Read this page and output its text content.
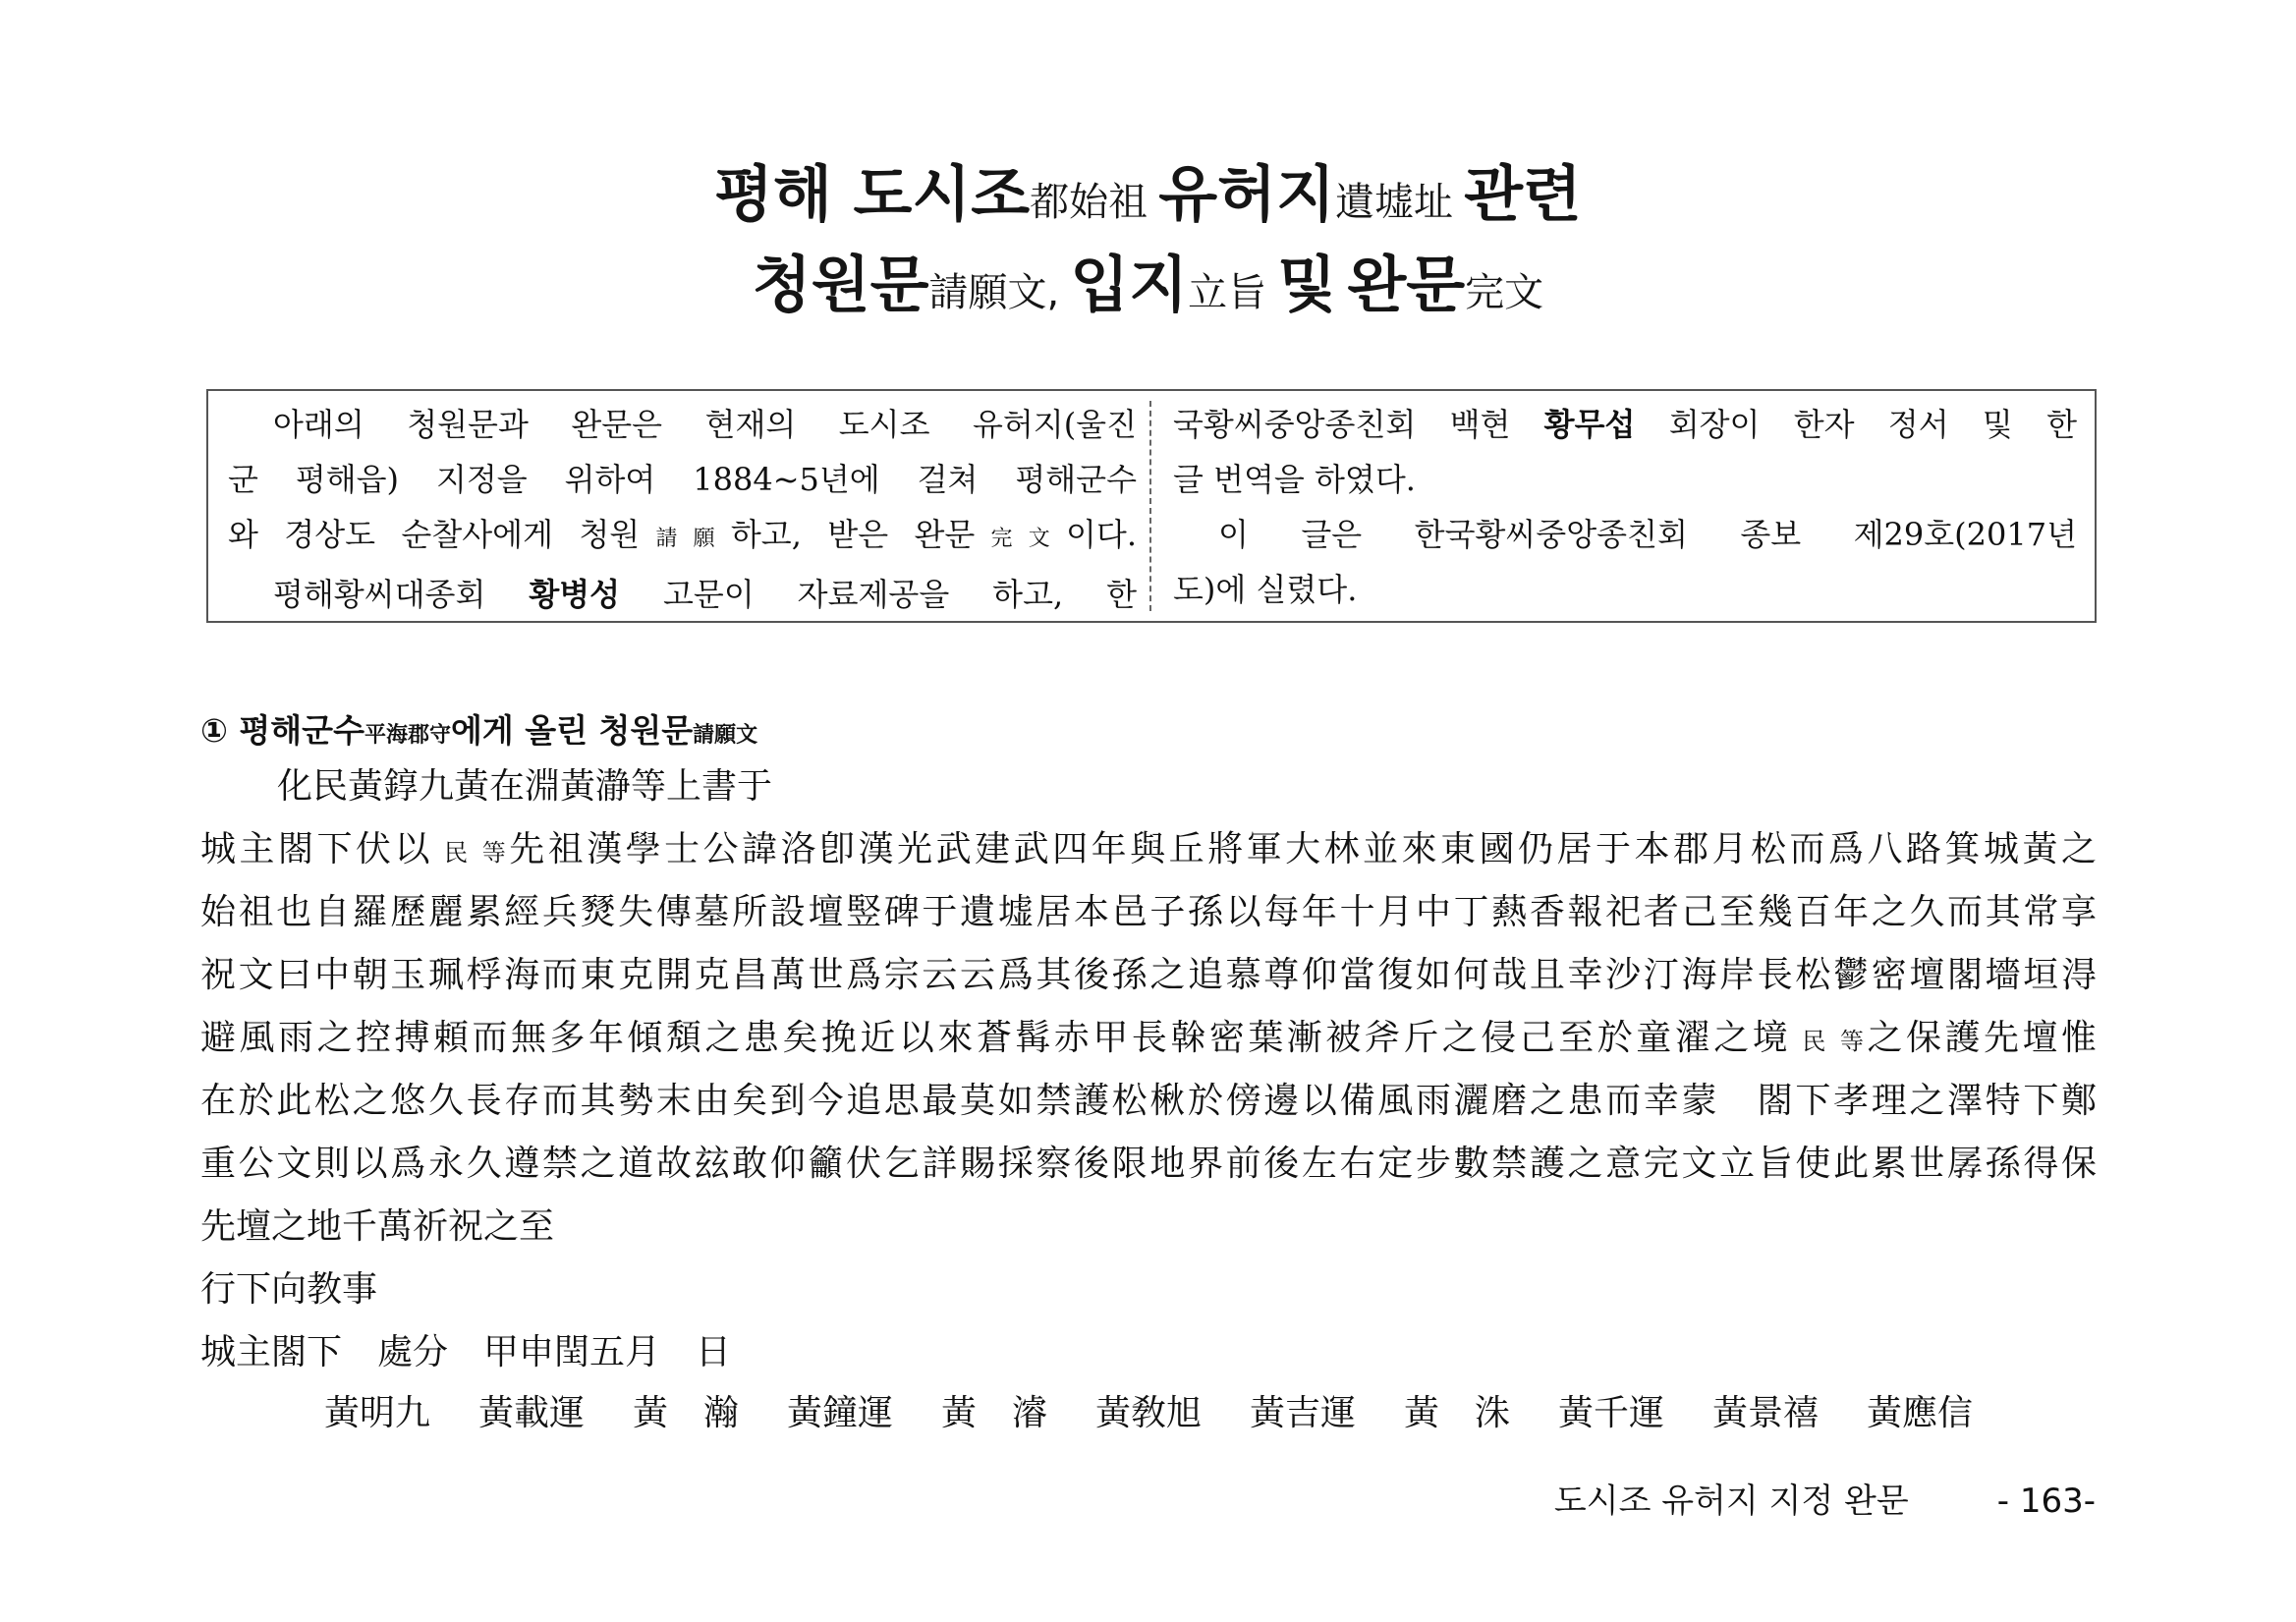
평해 도시조都始祖 유허지遺墟址 관련
청원문請願文, 입지立旨 및 완문完文
아래의 청원문과 완문은 현재의 도시조 유허지(울진
군 평해읍) 지정을 위하여 1884~5년에 걸쳐 평해군수
와 경상도 순찰사에게 청원請願하고, 받은 완문完文이다.
평해황씨대종회 황병성 고문이 자료제공을 하고, 한
국황씨중앙종친회 백현 황무섭 회장이 한자 정서 및 한
글 번역을 하였다.
이 글은 한국황씨중앙종친회 종보 제29호(2017년
도)에 실렸다.
① 평해군수平海郡守에게 올린 청원문請願文
化民黃錞九黃在淵黃瀞等上書于
城主閤下伏以 民 等先祖漢學士公諱洛卽漢光武建武四年與丘將軍大林並來東國仍居于本郡月松而爲八路箕城黃之
始祖也自羅歷麗累經兵燹失傳墓所設壇竪碑于遺墟居本邑子孫以每年十月中丁爇香報祀者己至幾百年之久而其常享
祝文曰中朝玉珮桴海而東克開克昌萬世爲宗云云爲其後孫之追慕尊仰當復如何哉且幸沙汀海岸長松鬱密壇閣墻垣淂
避風雨之控搏頼而無多年傾頽之患矣挽近以來蒼髯赤甲長榦密葉漸被斧斤之侵己至於童濯之境 民 等之保護先壇惟
在於此松之悠久長存而其勢末由矣到今追思最莫如禁護松楸於傍邊以備風雨灑磨之患而幸蒙　閤下孝理之澤特下鄭
重公文則以爲永久遵禁之道故玆敢仰籲伏乞詳賜採察後限地界前後左右定步數禁護之意完文立旨使此累世孱孫得保
先壇之地千萬祈祝之至
行下向教事
城主閤下　處分　甲申閏五月　日
黃明九	黃載運	黃　瀚	黃鐘運	黃　濬	黃敎旭	黃吉運	黃　洙	黃千運	黃景禧	黃應信
도시조 유허지 지정 완문	- 163-
